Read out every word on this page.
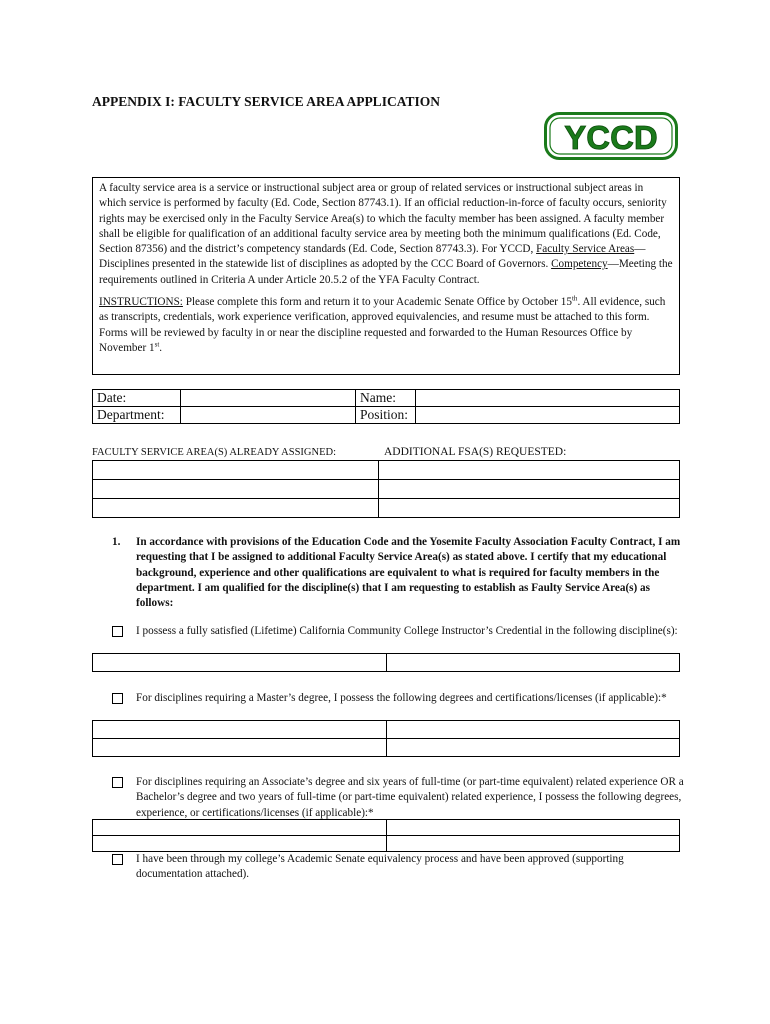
APPENDIX I: FACULTY SERVICE AREA APPLICATION
YCCD

A faculty service area is a service or instructional subject area or group of related services or instructional subject areas in which service is performed by faculty (Ed. Code, Section 87743.1). If an official reduction-in-force of faculty occurs, seniority rights may be exercised only in the Faculty Service Area(s) to which the faculty member has been assigned. A faculty member shall be eligible for qualification of an additional faculty service area by meeting both the minimum qualifications (Ed. Code, Section 87356) and the district’s competency standards (Ed. Code, Section 87743.3). For YCCD, Faculty Service Areas—Disciplines presented in the statewide list of disciplines as adopted by the CCC Board of Governors. Competency—Meeting the requirements outlined in Criteria A under Article 20.5.2 of the YFA Faculty Contract.

INSTRUCTIONS: Please complete this form and return it to your Academic Senate Office by October 15th. All evidence, such as transcripts, credentials, work experience verification, approved equivalencies, and resume must be attached to this form. Forms will be reviewed by faculty in or near the discipline requested and forwarded to the Human Resources Office by November 1st.

Date:		Name:	
Department:		Position:	
FACULTY SERVICE AREA(S) ALREADY ASSIGNED:	ADDITIONAL FSA(S) REQUESTED:

1. In accordance with provisions of the Education Code and the Yosemite Faculty Association Faculty Contract, I am requesting that I be assigned to additional Faculty Service Area(s) as stated above. I certify that my educational background, experience and other qualifications are equivalent to what is required for faculty members in the department. I am qualified for the discipline(s) that I am requesting to establish as Faulty Service Area(s) as follows:
I possess a fully satisfied (Lifetime) California Community College Instructor’s Credential in the following discipline(s):

For disciplines requiring a Master’s degree, I possess the following degrees and certifications/licenses (if applicable):*

For disciplines requiring an Associate’s degree and six years of full-time (or part-time equivalent) related experience OR a Bachelor’s degree and two years of full-time (or part-time equivalent) related experience, I possess the following degrees, experience, or certifications/licenses (if applicable):*

I have been through my college’s Academic Senate equivalency process and have been approved (supporting documentation attached).
